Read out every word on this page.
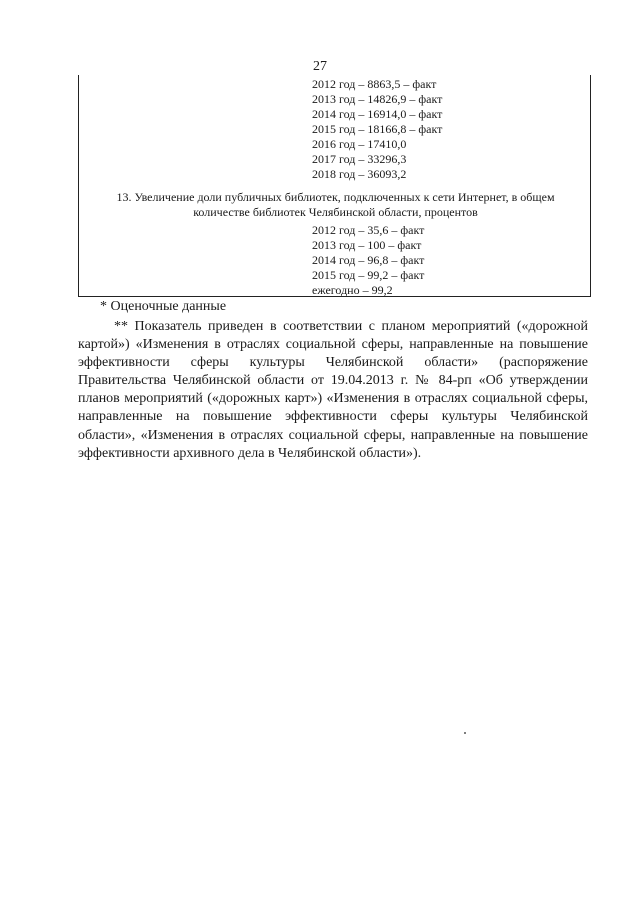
27
2012 год – 8863,5 – факт
2013 год – 14826,9 – факт
2014 год – 16914,0 – факт
2015 год – 18166,8 – факт
2016 год – 17410,0
2017 год – 33296,3
2018 год – 36093,2
13. Увеличение доли публичных библиотек, подключенных к сети Интернет, в общем
количестве библиотек Челябинской области, процентов
2012 год – 35,6 – факт
2013 год – 100 – факт
2014 год – 96,8 – факт
2015 год – 99,2 – факт
ежегодно – 99,2
* Оценочные данные
** Показатель приведен в соответствии с планом мероприятий («дорожной картой») «Изменения в отраслях социальной сферы, направленные на повышение эффективности сферы культуры Челябинской области» (распоряжение Правительства Челябинской области от 19.04.2013 г. № 84-рп «Об утверждении планов мероприятий («дорожных карт») «Изменения в отраслях социальной сферы, направленные на повышение эффективности сферы культуры Челябинской области», «Изменения в отраслях социальной сферы, направленные на повышение эффективности архивного дела в Челябинской области»).
